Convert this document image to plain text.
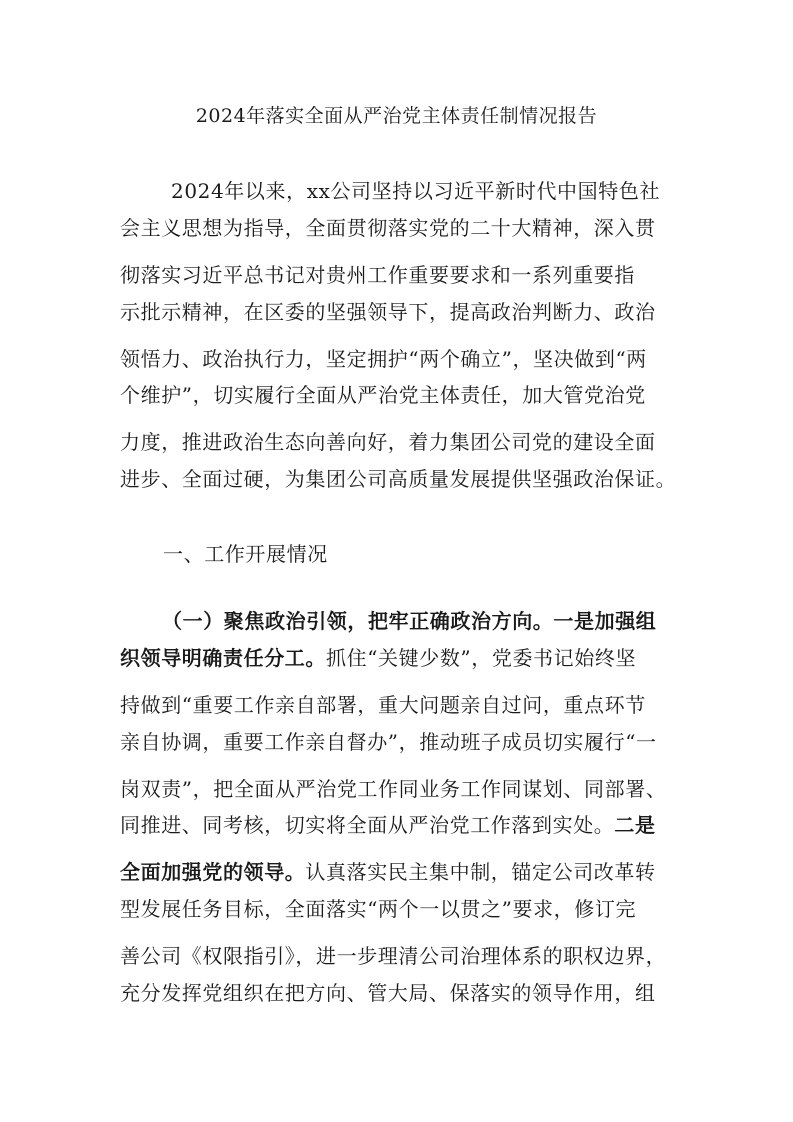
2024年落实全面从严治党主体责任制情况报告
2024年以来，xx公司坚持以习近平新时代中国特色社
会主义思想为指导，全面贯彻落实党的二十大精神，深入贯
彻落实习近平总书记对贵州工作重要要求和一系列重要指
示批示精神，在区委的坚强领导下，提高政治判断力、政治
领悟力、政治执行力，坚定拥护“两个确立”，坚决做到“两
个维护”，切实履行全面从严治党主体责任，加大管党治党
力度，推进政治生态向善向好，着力集团公司党的建设全面
进步、全面过硬，为集团公司高质量发展提供坚强政治保证。
一、工作开展情况
（一）聚焦政治引领，把牢正确政治方向。一是加强组
织领导明确责任分工。抓住“关键少数”，党委书记始终坚
持做到“重要工作亲自部署，重大问题亲自过问，重点环节
亲自协调，重要工作亲自督办”，推动班子成员切实履行“一
岗双责”，把全面从严治党工作同业务工作同谋划、同部署、
同推进、同考核，切实将全面从严治党工作落到实处。二是
全面加强党的领导。认真落实民主集中制，锚定公司改革转
型发展任务目标，全面落实“两个一以贯之”要求，修订完
善公司《权限指引》，进一步理清公司治理体系的职权边界，
充分发挥党组织在把方向、管大局、保落实的领导作用，组
